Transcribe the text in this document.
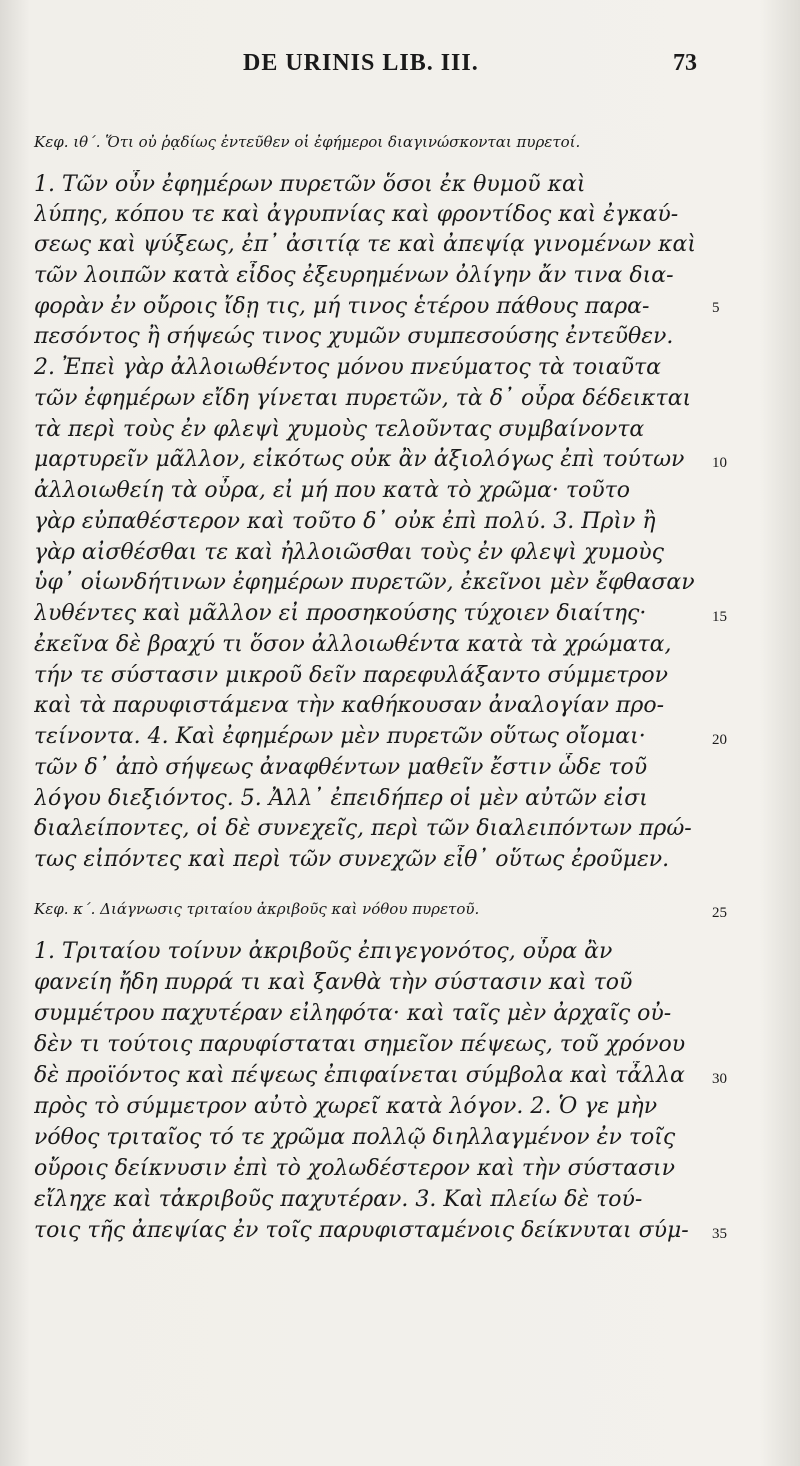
DE URINIS LIB. III.	73
Κεφ. ιθ΄. Ὅτι οὐ ῥᾳδίως ἐντεῦθεν οἱ ἐφήμεροι διαγινώσκονται πυρετοί.
1. Τῶν οὖν ἐφημέρων πυρετῶν ὅσοι ἐκ θυμοῦ καὶ
λύπης, κόπου τε καὶ ἀγρυπνίας καὶ φροντίδος καὶ ἐγκαύ-
σεως καὶ ψύξεως, ἐπ᾽ ἀσιτίᾳ τε καὶ ἀπεψίᾳ γινομένων καὶ
τῶν λοιπῶν κατὰ εἶδος ἐξευρημένων ὀλίγην ἄν τινα δια-
φορὰν ἐν οὔροις ἴδῃ τις, μή τινος ἑτέρου πάθους παρα-
πεσόντος ἢ σήψεώς τινος χυμῶν συμπεσούσης ἐντεῦθεν.
2. Ἐπεὶ γὰρ ἀλλοιωθέντος μόνου πνεύματος τὰ τοιαῦτα
τῶν ἐφημέρων εἴδη γίνεται πυρετῶν, τὰ δ᾽ οὖρα δέδεικται
τὰ περὶ τοὺς ἐν φλεψὶ χυμοὺς τελοῦντας συμβαίνοντα
μαρτυρεῖν μᾶλλον, εἰκότως οὐκ ἂν ἀξιολόγως ἐπὶ τούτων
ἀλλοιωθείη τὰ οὖρα, εἰ μή που κατὰ τὸ χρῶμα· τοῦτο
γὰρ εὐπαθέστερον καὶ τοῦτο δ᾽ οὐκ ἐπὶ πολύ. 3. Πρὶν ἢ
γὰρ αἰσθέσθαι τε καὶ ἠλλοιῶσθαι τοὺς ἐν φλεψὶ χυμοὺς
ὑφ᾽ οἱωνδήτινων ἐφημέρων πυρετῶν, ἐκεῖνοι μὲν ἔφθασαν
λυθέντες καὶ μᾶλλον εἰ προσηκούσης τύχοιεν διαίτης·
ἐκεῖνα δὲ βραχύ τι ὅσον ἀλλοιωθέντα κατὰ τὰ χρώματα,
τήν τε σύστασιν μικροῦ δεῖν παρεφυλάξαντο σύμμετρον
καὶ τὰ παρυφιστάμενα τὴν καθήκουσαν ἀναλογίαν προ-
τείνοντα. 4. Καὶ ἐφημέρων μὲν πυρετῶν οὕτως οἴομαι·
τῶν δ᾽ ἀπὸ σήψεως ἀναφθέντων μαθεῖν ἔστιν ὧδε τοῦ
λόγου διεξιόντος. 5. Ἀλλ᾽ ἐπειδήπερ οἱ μὲν αὐτῶν εἰσι
διαλείποντες, οἱ δὲ συνεχεῖς, περὶ τῶν διαλειπόντων πρώ-
τως εἰπόντες καὶ περὶ τῶν συνεχῶν εἶθ᾽ οὕτως ἐροῦμεν.
Κεφ. κ΄. Διάγνωσις τριταίου ἀκριβοῦς καὶ νόθου πυρετοῦ.
1. Τριταίου τοίνυν ἀκριβοῦς ἐπιγεγονότος, οὖρα ἂν
φανείη ἤδη πυρρά τι καὶ ξανθὰ τὴν σύστασιν καὶ τοῦ
συμμέτρου παχυτέραν εἰληφότα· καὶ ταῖς μὲν ἀρχαῖς οὐ-
δὲν τι τούτοις παρυφίσταται σημεῖον πέψεως, τοῦ χρόνου
δὲ προϊόντος καὶ πέψεως ἐπιφαίνεται σύμβολα καὶ τἆλλα
πρὸς τὸ σύμμετρον αὐτὸ χωρεῖ κατὰ λόγον. 2. Ὁ γε μὴν
νόθος τριταῖος τό τε χρῶμα πολλῷ διηλλαγμένον ἐν τοῖς
οὔροις δείκνυσιν ἐπὶ τὸ χολωδέστερον καὶ τὴν σύστασιν
εἴληχε καὶ τἀκριβοῦς παχυτέραν. 3. Καὶ πλείω δὲ τού-
τοις τῆς ἀπεψίας ἐν τοῖς παρυφισταμένοις δείκνυται σύμ-
5
10
15
20
25
30
35
